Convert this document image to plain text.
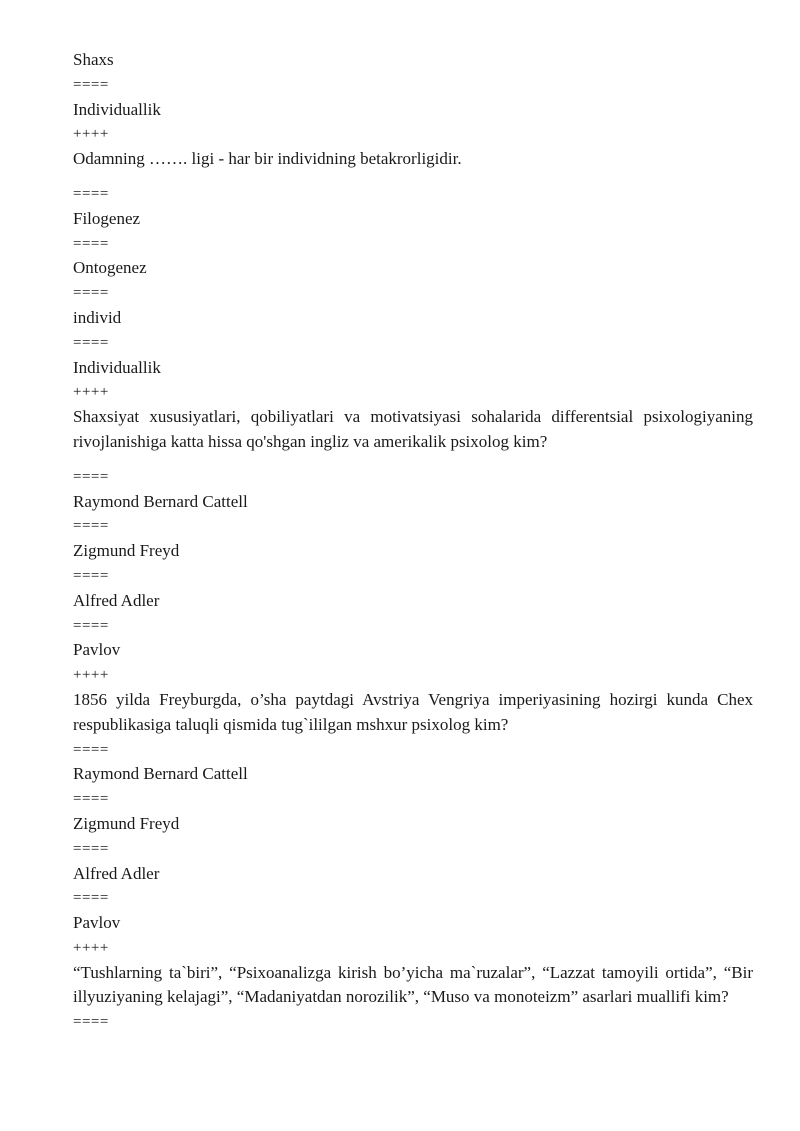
Shaxs
====
Individuallik
++++
Odamning ……. ligi - har bir individning betakrorligidir.
====
Filogenez
====
Ontogenez
====
individ
====
Individuallik
++++
Shaxsiyat xususiyatlari, qobiliyatlari va motivatsiyasi sohalarida differentsial psixologiyaning rivojlanishiga katta hissa qo'shgan ingliz va amerikalik psixolog kim?
====
Raymond Bernard Cattell
====
Zigmund Freyd
====
Alfred Adler
====
Pavlov
++++
1856 yilda Freyburgda, o’sha paytdagi Avstriya Vengriya imperiyasining hozirgi kunda Chex respublikasiga taluqli qismida tug`ililgan mshxur psixolog kim?
====
Raymond Bernard Cattell
====
Zigmund Freyd
====
Alfred Adler
====
Pavlov
++++
“Tushlarning ta`biri”, “Psixoanalizga kirish bo’yicha ma`ruzalar”, “Lazzat tamoyili ortida”, “Bir illyuziyaning kelajagi”, “Madaniyatdan norozilik”, “Muso va monoteizm” asarlari muallifi kim?
====
